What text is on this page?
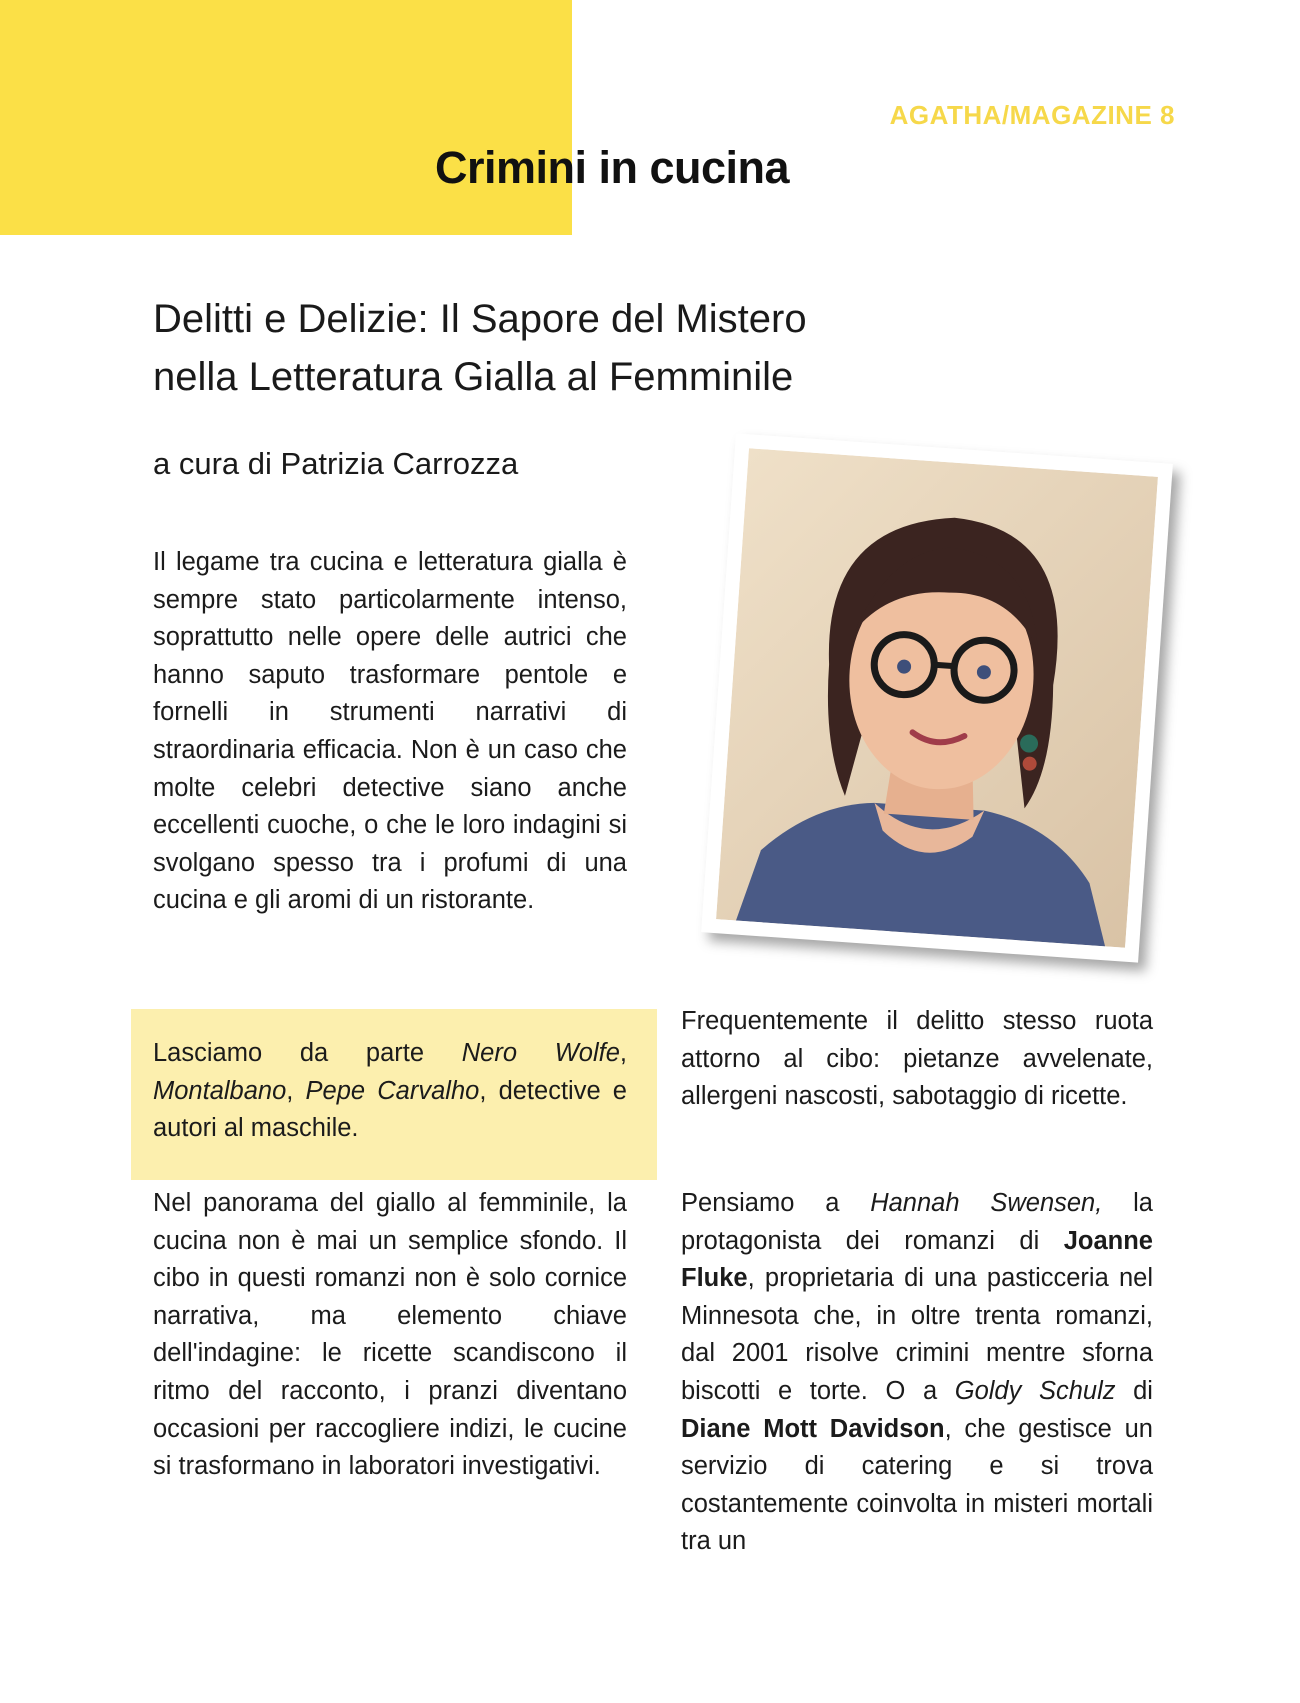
AGATHA/MAGAZINE 8
Crimini in cucina
Delitti e Delizie: Il Sapore del Mistero
nella Letteratura Gialla al Femminile

a cura di Patrizia Carrozza

Il legame tra cucina e letteratura gialla è sempre stato particolarmente intenso, soprattutto nelle opere delle autrici che hanno saputo trasformare pentole e fornelli in strumenti narrativi di straordinaria efficacia. Non è un caso che molte celebri detective siano anche eccellenti cuoche, o che le loro indagini si svolgano spesso tra i profumi di una cucina e gli aromi di un ristorante.

Lasciamo da parte Nero Wolfe, Montalbano, Pepe Carvalho, detective e autori al maschile.

Nel panorama del giallo al femminile, la cucina non è mai un semplice sfondo. Il cibo in questi romanzi non è solo cornice narrativa, ma elemento chiave dell'indagine: le ricette scandiscono il ritmo del racconto, i pranzi diventano occasioni per raccogliere indizi, le cucine si trasformano in laboratori investigativi.

Frequentemente il delitto stesso ruota attorno al cibo: pietanze avvelenate, allergeni nascosti, sabotaggio di ricette.

Pensiamo a Hannah Swensen, la protagonista dei romanzi di Joanne Fluke, proprietaria di una pasticceria nel Minnesota che, in oltre trenta romanzi, dal 2001 risolve crimini mentre sforna biscotti e torte. O a Goldy Schulz di Diane Mott Davidson, che gestisce un servizio di catering e si trova costantemente coinvolta in misteri mortali tra un
